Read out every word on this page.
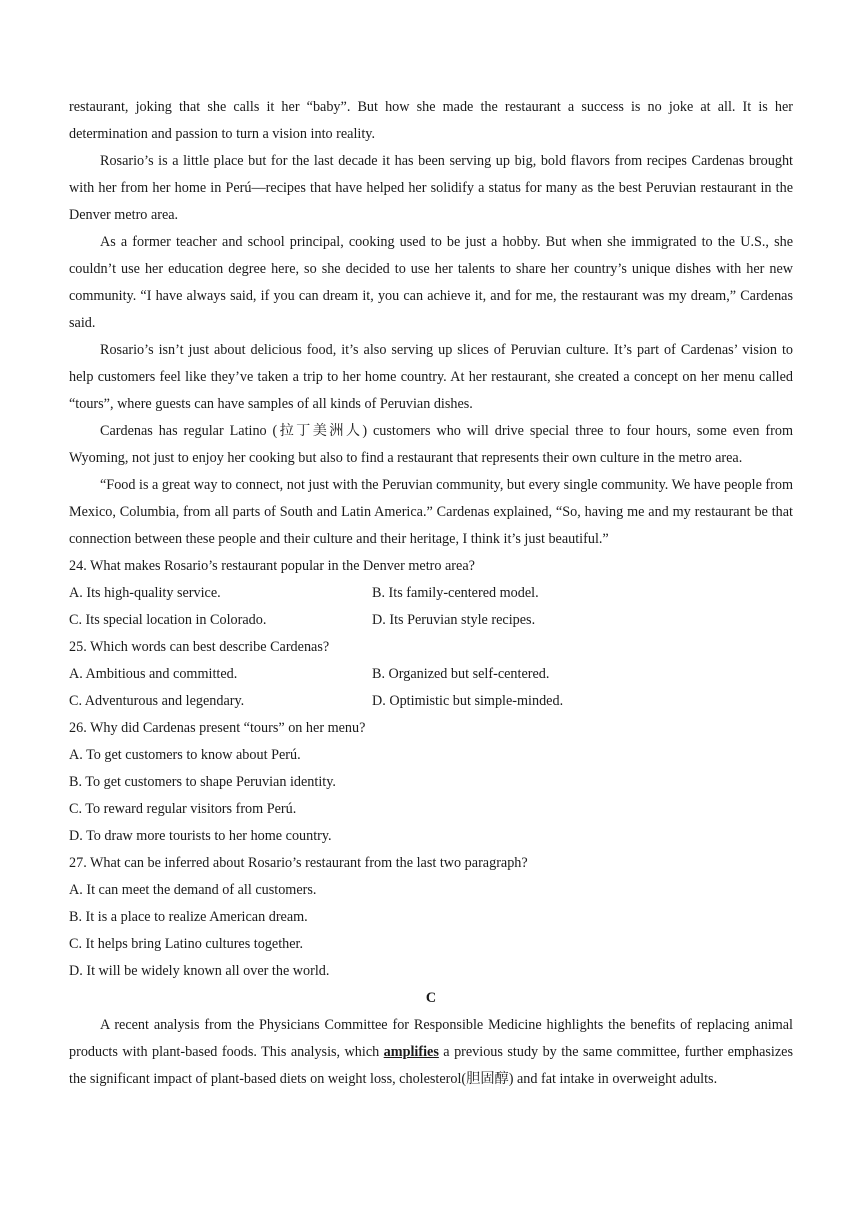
restaurant, joking that she calls it her “baby”. But how she made the restaurant a success is no joke at all. It is her determination and passion to turn a vision into reality.

Rosario’s is a little place but for the last decade it has been serving up big, bold flavors from recipes Cardenas brought with her from her home in Perú—recipes that have helped her solidify a status for many as the best Peruvian restaurant in the Denver metro area.

As a former teacher and school principal, cooking used to be just a hobby. But when she immigrated to the U.S., she couldn’t use her education degree here, so she decided to use her talents to share her country’s unique dishes with her new community. “I have always said, if you can dream it, you can achieve it, and for me, the restaurant was my dream,” Cardenas said.

Rosario’s isn’t just about delicious food, it’s also serving up slices of Peruvian culture. It’s part of Cardenas’ vision to help customers feel like they’ve taken a trip to her home country. At her restaurant, she created a concept on her menu called “tours”, where guests can have samples of all kinds of Peruvian dishes.

Cardenas has regular Latino (拉丁美洲人) customers who will drive special three to four hours, some even from Wyoming, not just to enjoy her cooking but also to find a restaurant that represents their own culture in the metro area.

“Food is a great way to connect, not just with the Peruvian community, but every single community. We have people from Mexico, Columbia, from all parts of South and Latin America.” Cardenas explained, “So, having me and my restaurant be that connection between these people and their culture and their heritage, I think it’s just beautiful.”

24. What makes Rosario’s restaurant popular in the Denver metro area?

A. Its high-quality service.	B. Its family-centered model.
C. Its special location in Colorado.	D. Its Peruvian style recipes.

25. Which words can best describe Cardenas?

A. Ambitious and committed.	B. Organized but self-centered.
C. Adventurous and legendary.	D. Optimistic but simple-minded.

26. Why did Cardenas present “tours” on her menu?

A. To get customers to know about Perú.

B. To get customers to shape Peruvian identity.

C. To reward regular visitors from Perú.

D. To draw more tourists to her home country.

27. What can be inferred about Rosario’s restaurant from the last two paragraph?

A. It can meet the demand of all customers.

B. It is a place to realize American dream.

C. It helps bring Latino cultures together.

D. It will be widely known all over the world.

C

A recent analysis from the Physicians Committee for Responsible Medicine highlights the benefits of replacing animal products with plant-based foods. This analysis, which amplifies a previous study by the same committee, further emphasizes the significant impact of plant-based diets on weight loss, cholesterol(胆固醇) and fat intake in overweight adults.
